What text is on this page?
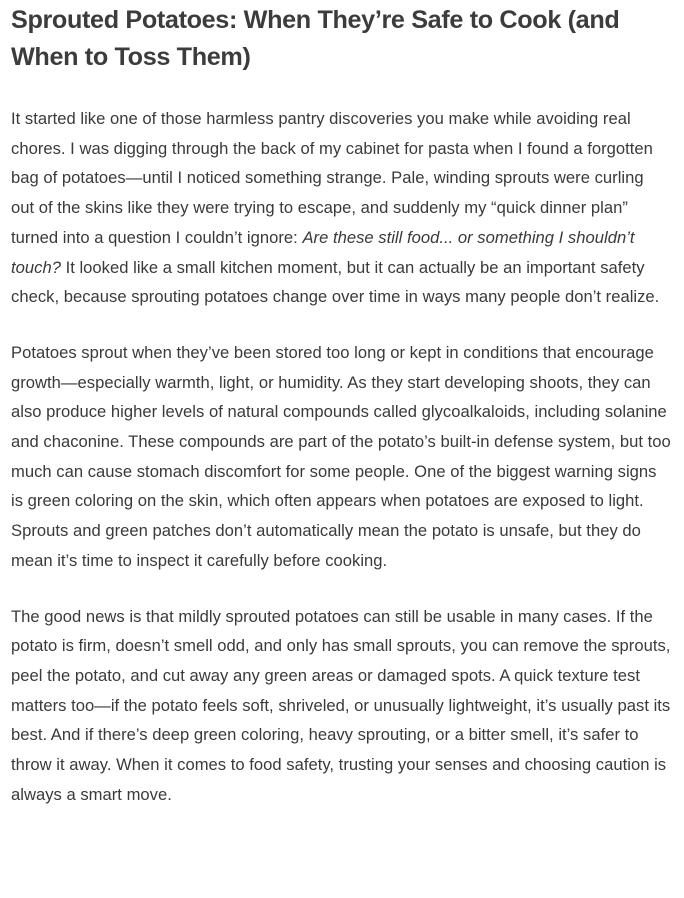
Sprouted Potatoes: When They’re Safe to Cook (and When to Toss Them)

It started like one of those harmless pantry discoveries you make while avoiding real chores. I was digging through the back of my cabinet for pasta when I found a forgotten bag of potatoes—until I noticed something strange. Pale, winding sprouts were curling out of the skins like they were trying to escape, and suddenly my “quick dinner plan” turned into a question I couldn’t ignore: Are these still food... or something I shouldn’t touch? It looked like a small kitchen moment, but it can actually be an important safety check, because sprouting potatoes change over time in ways many people don’t realize.

Potatoes sprout when they’ve been stored too long or kept in conditions that encourage growth—especially warmth, light, or humidity. As they start developing shoots, they can also produce higher levels of natural compounds called glycoalkaloids, including solanine and chaconine. These compounds are part of the potato’s built-in defense system, but too much can cause stomach discomfort for some people. One of the biggest warning signs is green coloring on the skin, which often appears when potatoes are exposed to light. Sprouts and green patches don’t automatically mean the potato is unsafe, but they do mean it’s time to inspect it carefully before cooking.

The good news is that mildly sprouted potatoes can still be usable in many cases. If the potato is firm, doesn’t smell odd, and only has small sprouts, you can remove the sprouts, peel the potato, and cut away any green areas or damaged spots. A quick texture test matters too—if the potato feels soft, shriveled, or unusually lightweight, it’s usually past its best. And if there’s deep green coloring, heavy sprouting, or a bitter smell, it’s safer to throw it away. When it comes to food safety, trusting your senses and choosing caution is always a smart move.
